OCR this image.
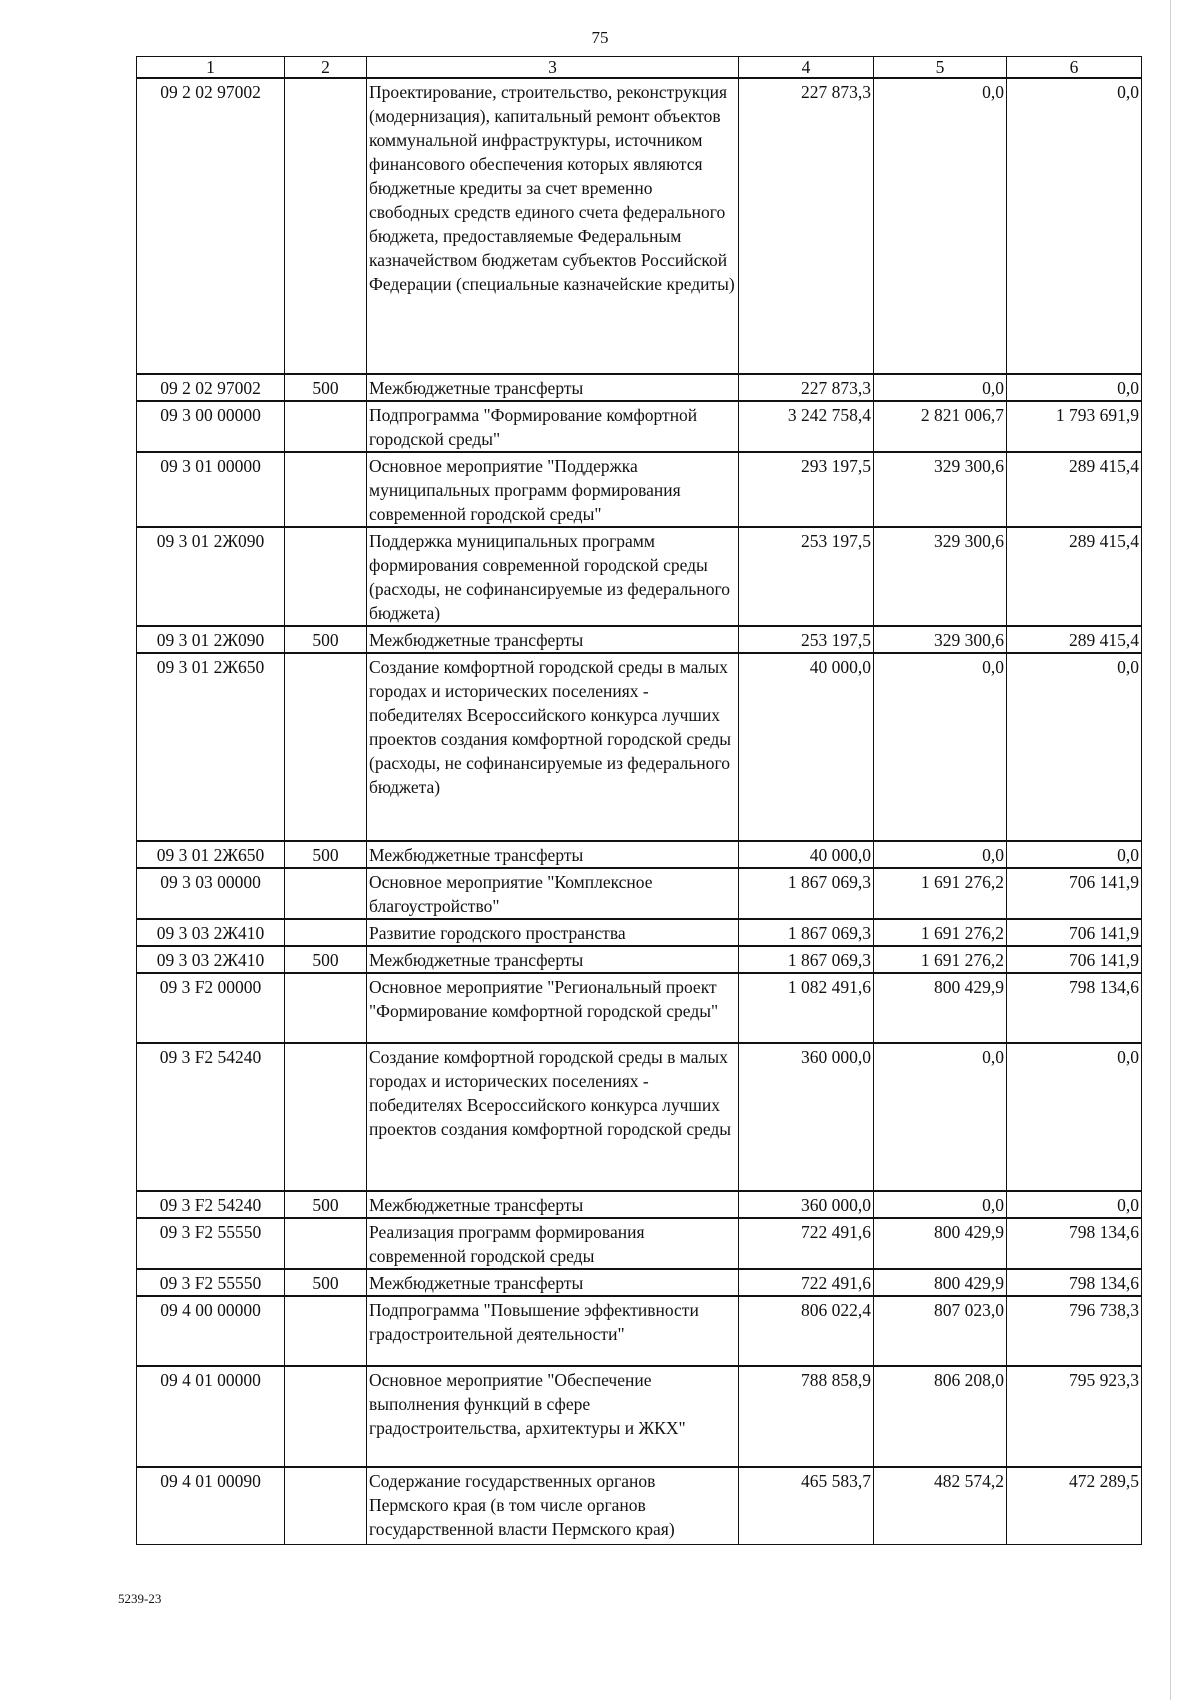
75
1	2	3	4	5	6
09 2 02 97002		Проектирование, строительство, реконструкция (модернизация), капитальный ремонт объектов коммунальной инфраструктуры, источником финансового обеспечения которых являются бюджетные кредиты за счет временно свободных средств единого счета федерального бюджета, предоставляемые Федеральным казначейством бюджетам субъектов Российской Федерации (специальные казначейские кредиты)	227 873,3	0,0	0,0
09 2 02 97002	500	Межбюджетные трансферты	227 873,3	0,0	0,0
09 3 00 00000		Подпрограмма "Формирование комфортной городской среды"	3 242 758,4	2 821 006,7	1 793 691,9
09 3 01 00000		Основное мероприятие "Поддержка муниципальных программ формирования современной городской среды"	293 197,5	329 300,6	289 415,4
09 3 01 2Ж090		Поддержка муниципальных программ формирования современной городской среды (расходы, не софинансируемые из федерального бюджета)	253 197,5	329 300,6	289 415,4
09 3 01 2Ж090	500	Межбюджетные трансферты	253 197,5	329 300,6	289 415,4
09 3 01 2Ж650		Создание комфортной городской среды в малых городах и исторических поселениях - победителях Всероссийского конкурса лучших проектов создания комфортной городской среды (расходы, не софинансируемые из федерального бюджета)	40 000,0	0,0	0,0
09 3 01 2Ж650	500	Межбюджетные трансферты	40 000,0	0,0	0,0
09 3 03 00000		Основное мероприятие "Комплексное благоустройство"	1 867 069,3	1 691 276,2	706 141,9
09 3 03 2Ж410		Развитие городского пространства	1 867 069,3	1 691 276,2	706 141,9
09 3 03 2Ж410	500	Межбюджетные трансферты	1 867 069,3	1 691 276,2	706 141,9
09 3 F2 00000		Основное мероприятие "Региональный проект "Формирование комфортной городской среды"	1 082 491,6	800 429,9	798 134,6
09 3 F2 54240		Создание комфортной городской среды в малых городах и исторических поселениях - победителях Всероссийского конкурса лучших проектов создания комфортной городской среды	360 000,0	0,0	0,0
09 3 F2 54240	500	Межбюджетные трансферты	360 000,0	0,0	0,0
09 3 F2 55550		Реализация программ формирования современной городской среды	722 491,6	800 429,9	798 134,6
09 3 F2 55550	500	Межбюджетные трансферты	722 491,6	800 429,9	798 134,6
09 4 00 00000		Подпрограмма "Повышение эффективности градостроительной деятельности"	806 022,4	807 023,0	796 738,3
09 4 01 00000		Основное мероприятие "Обеспечение выполнения функций в сфере градостроительства, архитектуры и ЖКХ"	788 858,9	806 208,0	795 923,3
09 4 01 00090		Содержание государственных органов Пермского края (в том числе органов государственной власти Пермского края)	465 583,7	482 574,2	472 289,5
5239-23
